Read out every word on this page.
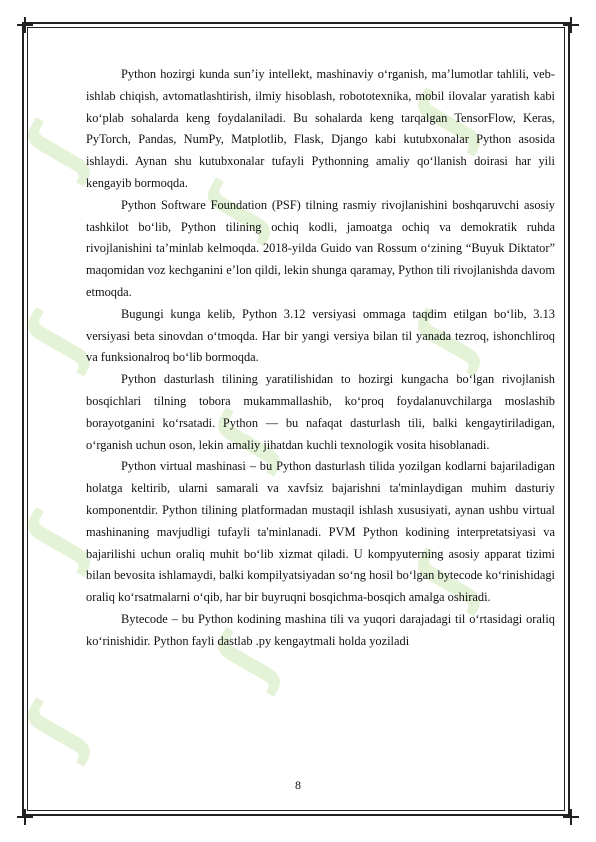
ʃ
ʃ
ʃ
ʃ
ʃ
ʃ
ʃ
ʃ
ʃ
ʃ

Python hozirgi kunda sun’iy intellekt, mashinaviy o‘rganish, ma’lumotlar tahlili, veb-ishlab chiqish, avtomatlashtirish, ilmiy hisoblash, robototexnika, mobil ilovalar yaratish kabi ko‘plab sohalarda keng foydalaniladi. Bu sohalarda keng tarqalgan TensorFlow, Keras, PyTorch, Pandas, NumPy, Matplotlib, Flask, Django kabi kutubxonalar Python asosida ishlaydi. Aynan shu kutubxonalar tufayli Pythonning amaliy qo‘llanish doirasi har yili kengayib bormoqda.

Python Software Foundation (PSF) tilning rasmiy rivojlanishini boshqaruvchi asosiy tashkilot bo‘lib, Python tilining ochiq kodli, jamoatga ochiq va demokratik ruhda rivojlanishini ta’minlab kelmoqda. 2018-yilda Guido van Rossum o‘zining “Buyuk Diktator” maqomidan voz kechganini e’lon qildi, lekin shunga qaramay, Python tili rivojlanishda davom etmoqda.

Bugungi kunga kelib, Python 3.12 versiyasi ommaga taqdim etilgan bo‘lib, 3.13 versiyasi beta sinovdan o‘tmoqda. Har bir yangi versiya bilan til yanada tezroq, ishonchliroq va funksionalroq bo‘lib bormoqda.

Python dasturlash tilining yaratilishidan to hozirgi kungacha bo‘lgan rivojlanish bosqichlari tilning tobora mukammallashib, ko‘proq foydalanuvchilarga moslashib borayotganini ko‘rsatadi. Python — bu nafaqat dasturlash tili, balki kengaytiriladigan, o‘rganish uchun oson, lekin amaliy jihatdan kuchli texnologik vosita hisoblanadi.

Python virtual mashinasi – bu Python dasturlash tilida yozilgan kodlarni bajariladigan holatga keltirib, ularni samarali va xavfsiz bajarishni ta'minlaydigan muhim dasturiy komponentdir. Python tilining platformadan mustaqil ishlash xususiyati, aynan ushbu virtual mashinaning mavjudligi tufayli ta'minlanadi. PVM Python kodining interpretatsiyasi va bajarilishi uchun oraliq muhit bo‘lib xizmat qiladi. U kompyuterning asosiy apparat tizimi bilan bevosita ishlamaydi, balki kompilyatsiyadan so‘ng hosil bo‘lgan bytecode ko‘rinishidagi oraliq ko‘rsatmalarni o‘qib, har bir buyruqni bosqichma-bosqich amalga oshiradi.

Bytecode – bu Python kodining mashina tili va yuqori darajadagi til o‘rtasidagi oraliq ko‘rinishidir. Python fayli dastlab .py kengaytmali holda yoziladi

8
